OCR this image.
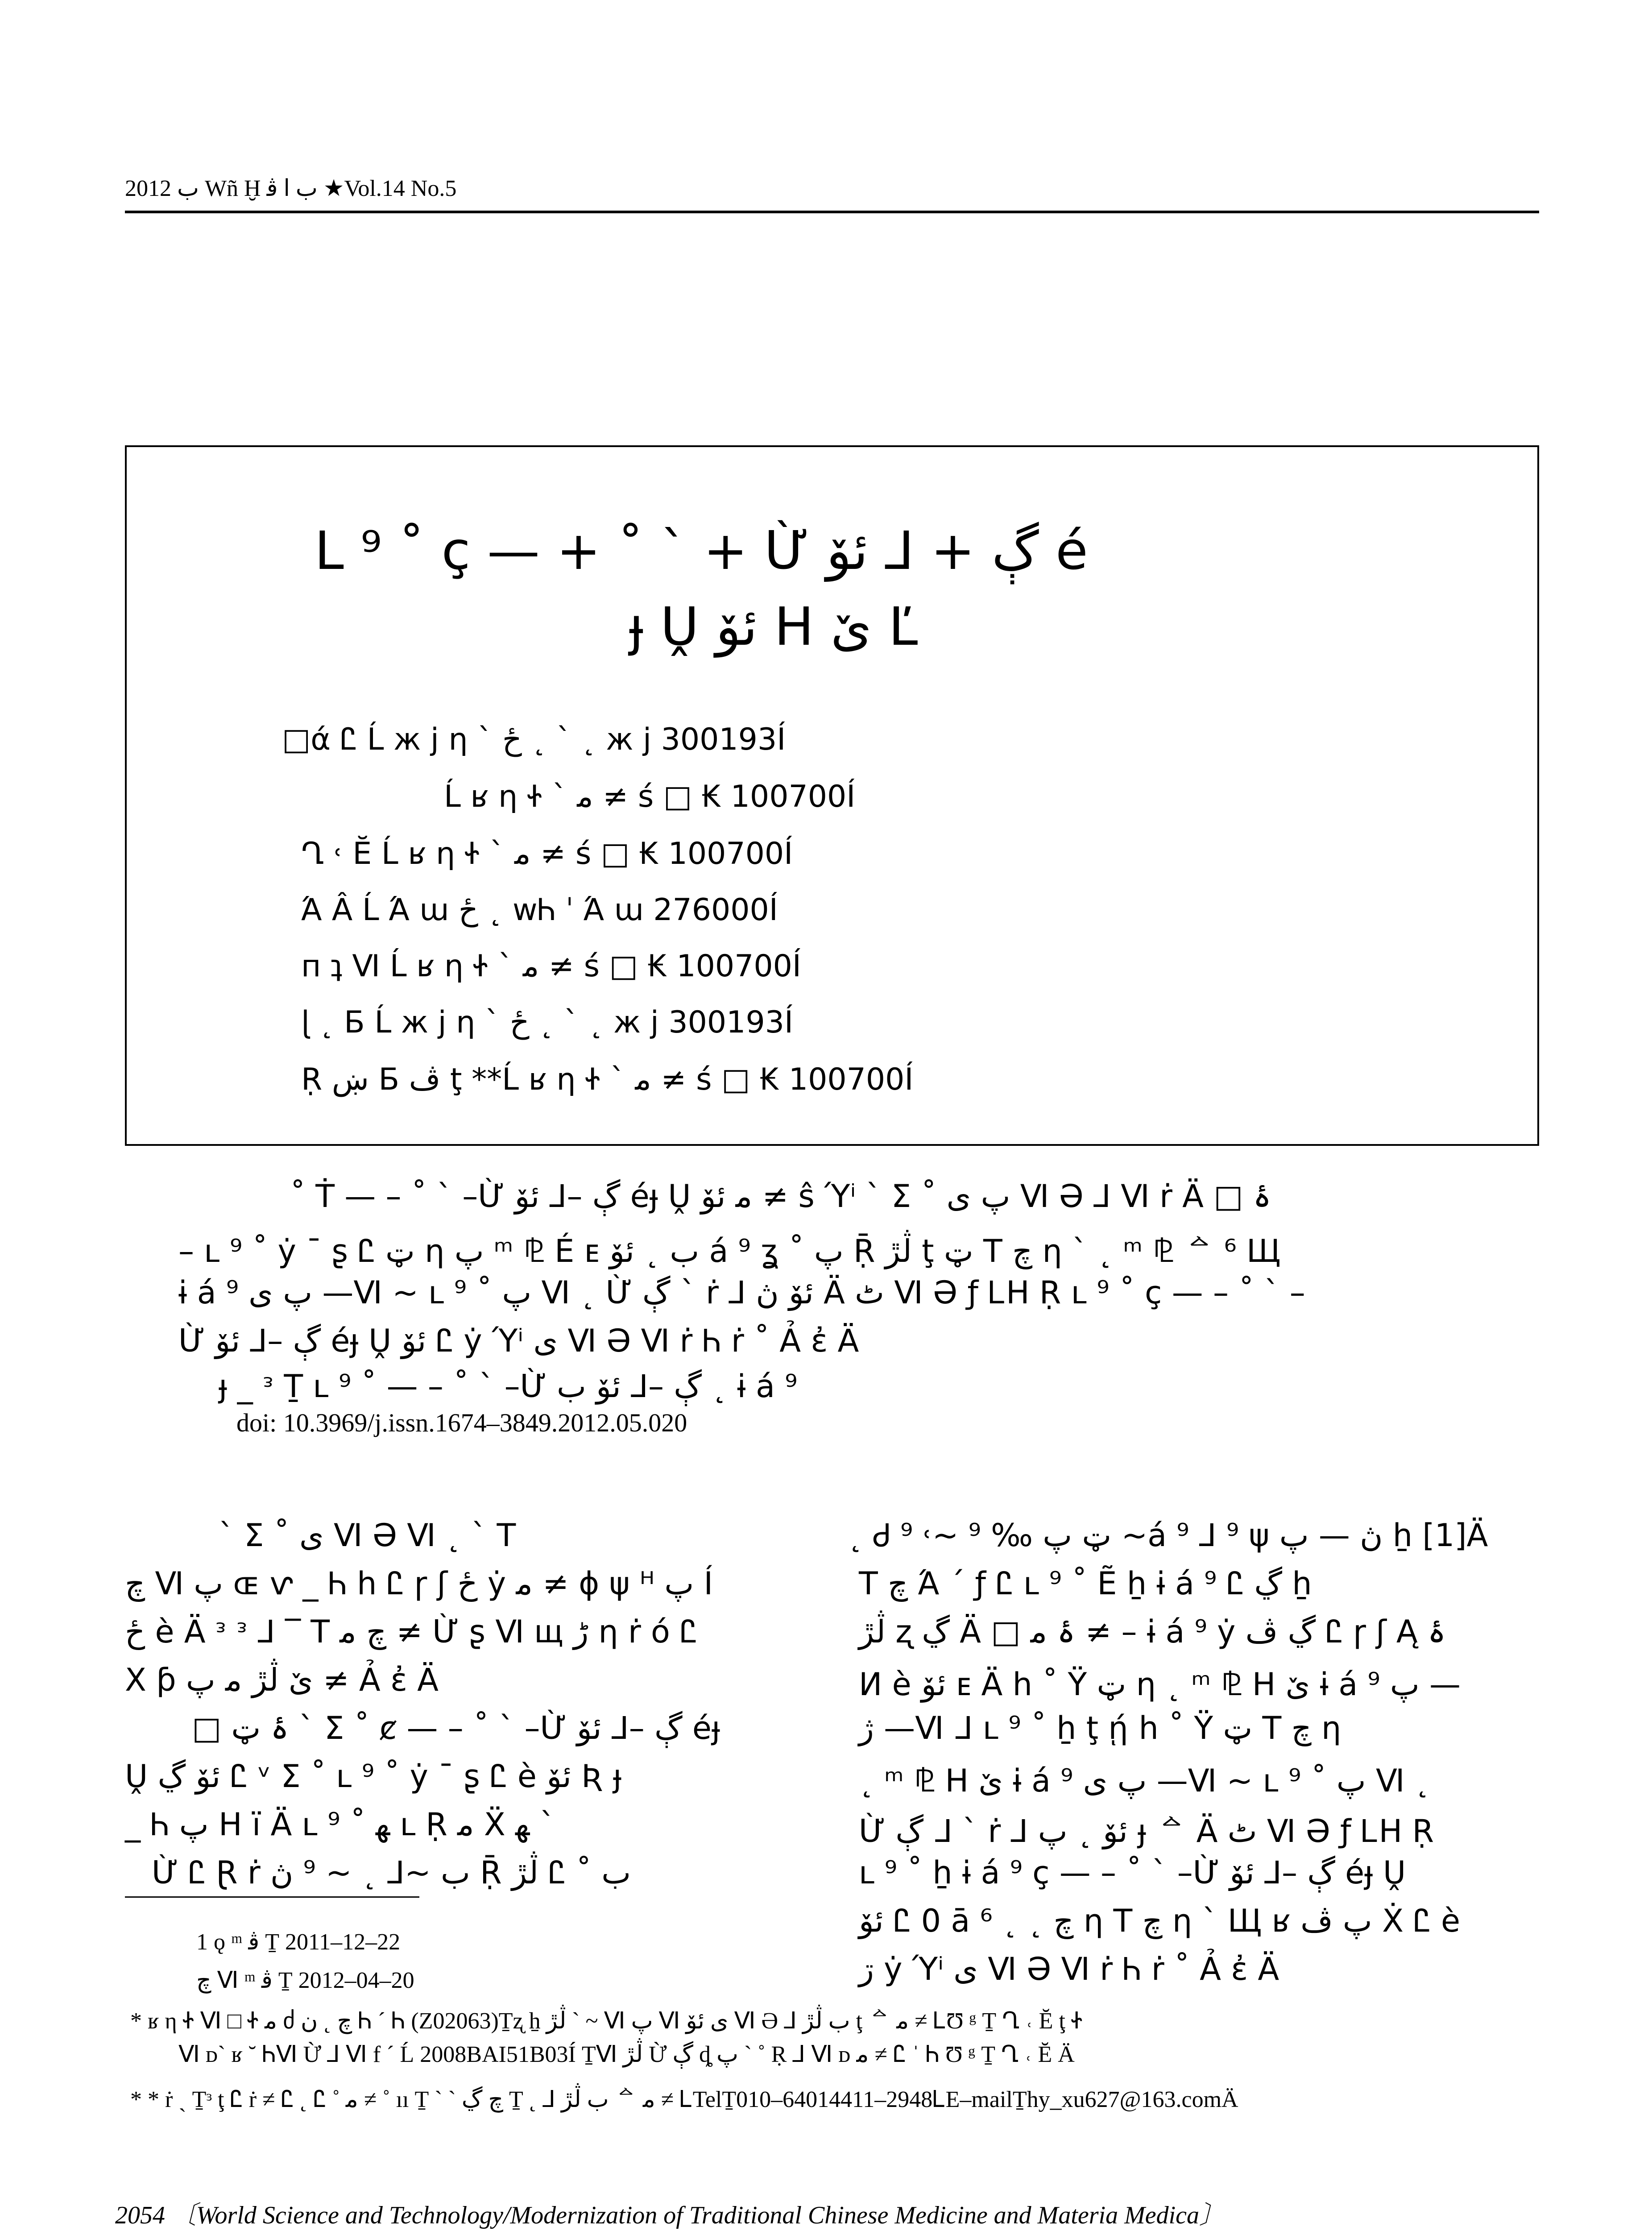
2012 ب Wñ Ḫ ب ا ﭬ ★Vol.14 No.5
L ⁹ ˚ ç — + ˚ ˋ + Ừ ڳ + ⅃ ئۆ é
ɟ Ṷ ئۆ H ێ Ľ
□ά Ꮭ Ĺ ж j η ˋ ځ ˛ ˋ ˛ ж j 300193Í
Ĺ ʁ η Ꮠ ˋ ﻣ ≠ ś □ ₭ 100700Í
Ղ ˓ Ĕ Ĺ ʁ η Ꮠ ˋ ﻣ ≠ ś □ ₭ 100700Í
Ά Â Ĺ Ά ɯ ځ ˛ wᏂ ˈ Ά ɯ 276000Í
п ʇ Ⅵ Ĺ ʁ η Ꮠ ˋ ﻣ ≠ ś □ ₭ 100700Í
ɭ ˛ Б Ĺ ж j η ˋ ځ ˛ ˋ ˛ ж j 300193Í
Ṛ ښ Б ڤ ţ **Ĺ ʁ η Ꮠ ˋ ﻣ ≠ ś □ ₭ 100700Í
˚ Ṫ — – ˚ ˋ –Ừ ڳ –⅃ ئۆ éɟ Ṷ ﻣ ئۆ ≠ ŝ Ύⁱ ˋ Σ ˚ پ ی Ⅵ Ə ⅃ Ⅵ ṙ Ä □ ۂ
– ʟ ⁹ ˚ ẏ ˉ ʂ Ꮭ ټ η پ ᵐ ⅊ É ᴇ ب ˛ ئۆ á ⁹ ʓ ˚ پ Ṝ ڷڙ ţ ټ T چ η ˋ ˛ ᵐ ⅊ ᅀ ⁶ Щ
ɨ á ⁹ پ ی —Ⅵ ~ ʟ ⁹ ˚ پ Ⅵ ˛ Ừ ڳ ˋ ṙ ⅃ ئۆ ڽ Ä ٹ Ⅵ Ə ƒ ᏞH Ṛ ʟ ⁹ ˚ ç — – ˚ ˋ –
Ừ ڳ –⅃ ئۆ éɟ Ṷ ئۆ Ꮭ ẏ Ύⁱ ی Ⅵ Ə Ⅵ ṙ Ꮒ ṙ ˚ Ả ἐ Ä
ɟ _ ᵌ Ṯ ʟ ⁹ ˚ — – ˚ ˋ –Ừ ڳ –⅃ ئۆ ب ˛ ɨ á ⁹
doi: 10.3969/j.issn.1674–3849.2012.05.020
ˋ Σ ˚ ی Ⅵ Ə Ⅵ ˛ ˋ T
چ Ⅵ پ ɶ ⱱ _ Ꮒ h Ꮭ ɼ ʃ ځ ẏ ﻣ ≠ ɸ ψ ᴴ پ Í
ځ è Ä ᵌ ᵌ ⅃ ‾ T چ ﻣ ≠ Ừ ʂ Ⅵ щ ڑ η ṙ ó Ꮭ
Χ ƥ ێ ڷڙ ﻣ پ ≠ Ả ἐ Ä
□ ۂ ټ ˋ Σ ˚ ȼ — – ˚ ˋ –Ừ ڳ –⅃ ئۆ éɟ
Ṷ ئۆ ڲ Ꮭ ᵛ Σ ˚ ʟ ⁹ ˚ ẏ ˉ ʂ Ꮭ è ئۆ Ʀ ɟ
_ Ꮒ پ H ï Ä ʟ ⁹ ˚ ﻬ ʟ Ṛ ﻣ Ẍ ﻬ ˋ
Ừ Ꮭ Ɽ ṙ ب ~⅃ ˛ ~ ⁹ ڽ Ṝ ڷڙ Ꮭ ˚ ب
1 ǫ ᵐ ﭬ Ṯ 2011–12–22
ﭺ Ⅵ ᵐ ﭬ Ṯ 2012–04–20
˛ Ꮷ ټ پ ‰ ⁹ ~˓ ⁹ ~á ⁹ ⅃ ⁹ ψ ڽ — پ ẖ [1]Ä
T چ Ά ˊ ƒ Ꮭ ʟ ⁹ ˚ Ẽ ẖ ɨ á ⁹ Ꮭ ڲ ẖ
ڷڙ ʐ ڲ Ä □ ۂ ﻣ ≠ – ɨ á ⁹ ẏ ڲ ڤ Ꮭ ɼ ʃ Ą ۂ
И è ئۆ ᴇ Ä h ˚ Ÿ ټ η ˛ ᵐ ⅊ H ێ ɨ á ⁹ پ —
ژ —Ⅵ ᒧ ʟ ⁹ ˚ ẖ ţ ῄ h ˚ Ÿ ټ T چ η
˛ ᵐ ⅊ H ێ ɨ á ⁹ پ ی —Ⅵ ~ ʟ ⁹ ˚ پ Ⅵ ˛
Ừ ڳ ᒧ ˋ ṙ ⅃ ئۆ ˛ پ ɟ ᅀ Ä ٹ Ⅵ Ə ƒ ᏞH Ṛ
ʟ ⁹ ˚ ẖ ɨ á ⁹ ç — – ˚ ˋ –Ừ ڳ –⅃ ئۆ éɟ Ṷ
ئۆ Ꮭ 0 ā چ ˛ ˛ ⁶ η T چ η ˋ Щ ʁ پ ڤ Ẋ Ꮭ è
ڗ ẏ Ύⁱ ی Ⅵ Ə Ⅵ ṙ Ꮒ ṙ ˚ Ả ἐ Ä
* ʁ η Ꮠ Ⅵ □ Ꮠ ﻣ ძ ﭺ ˛ ﻥ Ꮒ ˊ Ꮒ (Z02063)Ṯʐ ẖ ڷڙ ˋ ~ Ⅵ پ Ⅵ ی ئۆ Ⅵ Ə ⅃ ب ڷڙ ţ ᅀ ﻣ ≠ ᏞƱ ᵍ Ṯ Ղ ˓ Ĕ ţ Ꮠ
Ⅵ ᴅ` ʁ ˘ ᏂⅥ Ừ ⅃ Ⅵ f ˊ Ĺ 2008BAI51B03Í ṮⅥ ڷڙ Ừ ڳ ȡ پ ˋ ˚ Ṛ ⅃ Ⅵ ᴅ ﻣ ≠ Ꮭ ˈ Ꮒ Ʊ ᵍ Ṯ Ղ ˓ Ĕ Ä
* * ṙ ˏ Ṯᵌ ţ Ꮭ ṙ ≠ Ꮭ ˛ Ꮭ ˚ ﻣ ≠ ˚ ıı Ṯ ˋ ˋ چ ڲ Ṯ ˛ ⅃ ب ڷڙ ᅀ ﻣ ≠ ᏞTelṮ010–64014411–2948ᏞE–mailṮhy_xu627@163.comÄ
2054 〔World Science and Technology/Modernization of Traditional Chinese Medicine and Materia Medica〕
